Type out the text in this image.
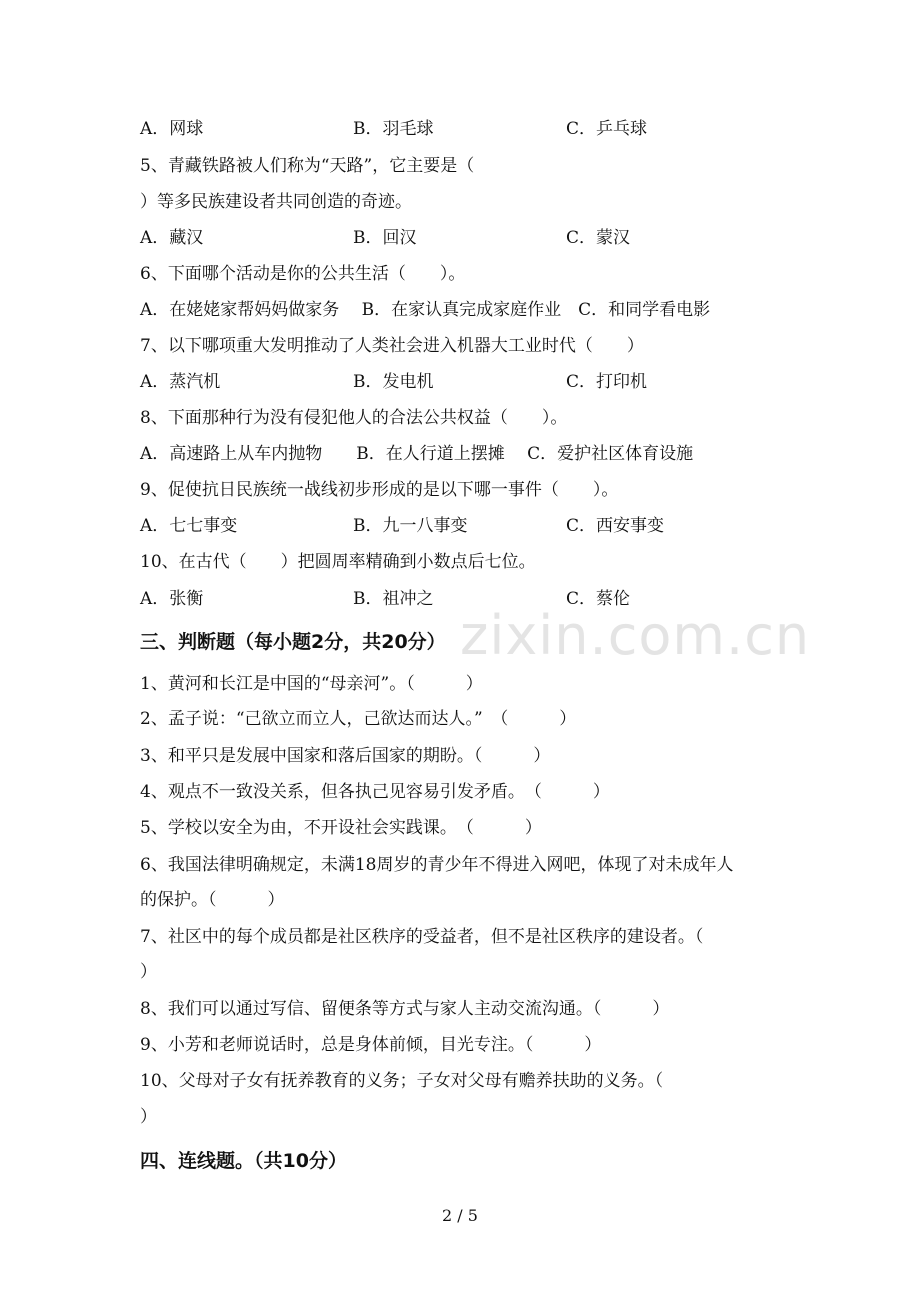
zixin.com.cn
A．网球	B．羽毛球	C．乒乓球
5、青藏铁路被人们称为“天路”，它主要是（
）等多民族建设者共同创造的奇迹。
A．藏汉	B．回汉	C．蒙汉
6、下面哪个活动是你的公共生活（　　）。
A．在姥姥家帮妈妈做家务　 B．在家认真完成家庭作业　C．和同学看电影
7、以下哪项重大发明推动了人类社会进入机器大工业时代（　　）
A．蒸汽机	B．发电机	C．打印机
8、下面那种行为没有侵犯他人的合法公共权益（　　）。
A．高速路上从车内抛物　　B．在人行道上摆摊　 C．爱护社区体育设施
9、促使抗日民族统一战线初步形成的是以下哪一事件（　　）。
A．七七事变	B．九一八事变	C．西安事变
10、在古代（　　）把圆周率精确到小数点后七位。
A．张衡	B．祖冲之	C．蔡伦
三、判断题（每小题2分，共20分）
1、黄河和长江是中国的“母亲河”。（　　　）
2、孟子说：“己欲立而立人，己欲达而达人。”　（　　　）
3、和平只是发展中国家和落后国家的期盼。（　　　）
4、观点不一致没关系，但各执己见容易引发矛盾。　（　　　）
5、学校以安全为由，不开设社会实践课。　（　　　）
6、我国法律明确规定，未满18周岁的青少年不得进入网吧，体现了对未成年人
的保护。（　　　）
7、社区中的每个成员都是社区秩序的受益者，但不是社区秩序的建设者。（
）
8、我们可以通过写信、留便条等方式与家人主动交流沟通。（　　　）
9、小芳和老师说话时，总是身体前倾，目光专注。（　　　）
10、父母对子女有抚养教育的义务；子女对父母有赡养扶助的义务。（
）
四、连线题。（共10分）
2 / 5
